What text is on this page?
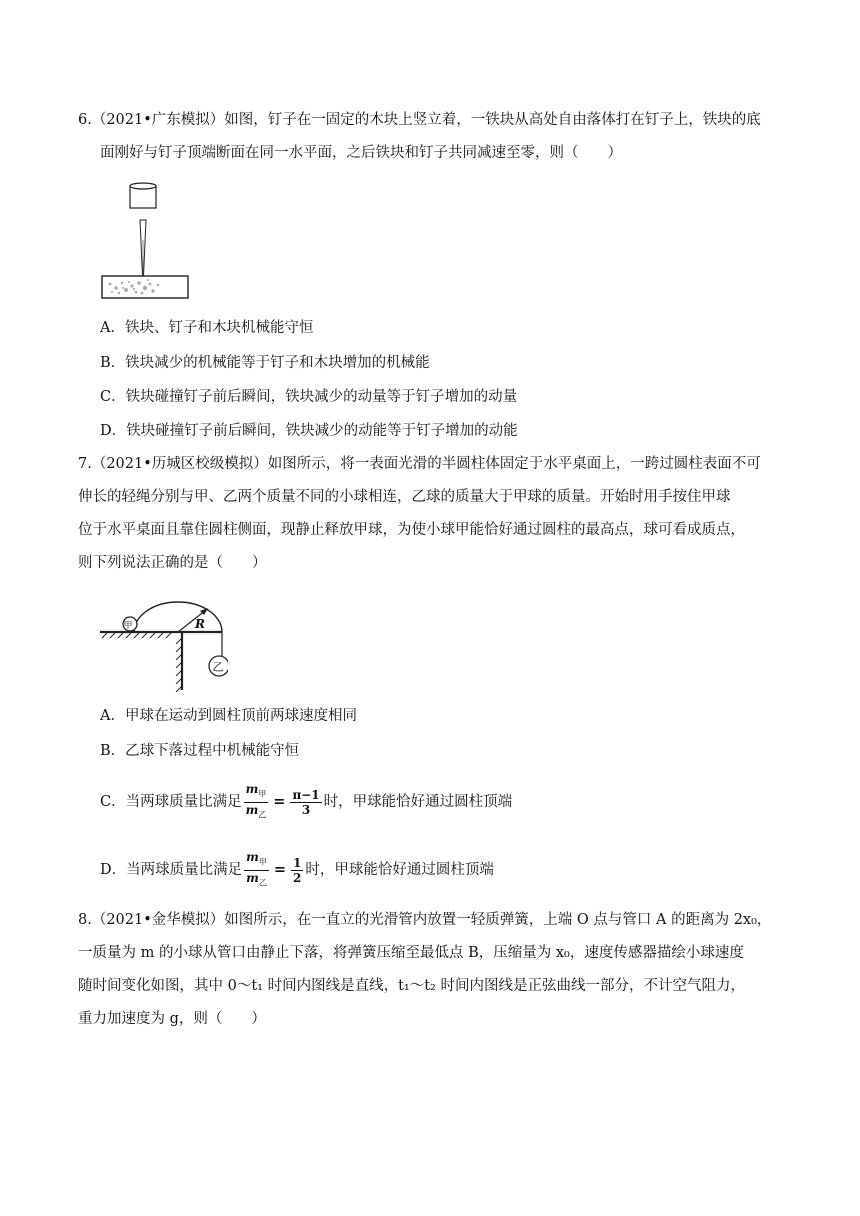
6.（2021•广东模拟）如图，钉子在一固定的木块上竖立着，一铁块从高处自由落体打在钉子上，铁块的底

面刚好与钉子顶端断面在同一水平面，之后铁块和钉子共同减速至零，则（　　）

A．铁块、钉子和木块机械能守恒
B．铁块减少的机械能等于钉子和木块增加的机械能
C．铁块碰撞钉子前后瞬间，铁块减少的动量等于钉子增加的动量
D．铁块碰撞钉子前后瞬间，铁块减少的动能等于钉子增加的动能

7.（2021•历城区校级模拟）如图所示，将一表面光滑的半圆柱体固定于水平桌面上，一跨过圆柱表面不可

伸长的轻绳分别与甲、乙两个质量不同的小球相连，乙球的质量大于甲球的质量。开始时用手按住甲球

位于水平桌面且靠住圆柱侧面，现静止释放甲球，为使小球甲能恰好通过圆柱的最高点，球可看成质点，

则下列说法正确的是（　　）

R
甲
乙
A．甲球在运动到圆柱顶前两球速度相同
B．乙球下落过程中机械能守恒
C．当两球质量比满足 $\frac{m_甲}{m_乙} = \frac{\pi-1}{3}$ 时，甲球能恰好通过圆柱顶端
D．当两球质量比满足 $\frac{m_甲}{m_乙} = \frac{1}{2}$ 时，甲球能恰好通过圆柱顶端

8.（2021•金华模拟）如图所示，在一直立的光滑管内放置一轻质弹簧，上端 O 点与管口 A 的距离为 2x₀，

一质量为 m 的小球从管口由静止下落，将弹簧压缩至最低点 B，压缩量为 x₀，速度传感器描绘小球速度

随时间变化如图，其中 0～t₁ 时间内图线是直线，t₁～t₂ 时间内图线是正弦曲线一部分，不计空气阻力，

重力加速度为 g，则（　　）
